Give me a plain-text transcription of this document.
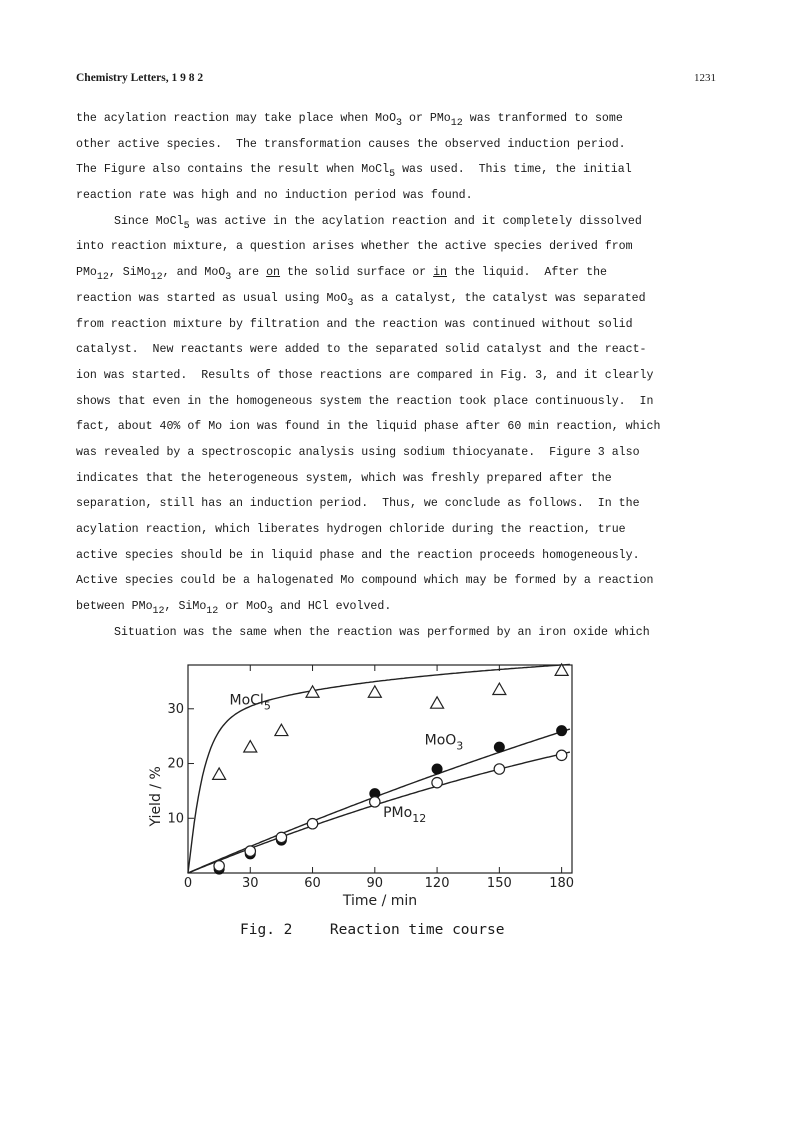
Chemistry Letters, 1 9 8 2	1231
the acylation reaction may take place when MoO$_3$ or PMo$_{12}$ was tranformed to some
other active species.  The transformation causes the observed induction period.
The Figure also contains the result when MoCl$_5$ was used.  This time, the initial
reaction rate was high and no induction period was found.
Since MoCl$_5$ was active in the acylation reaction and it completely dissolved
into reaction mixture, a question arises whether the active species derived from
PMo$_{12}$, SiMo$_{12}$, and MoO$_3$ are on the solid surface or in the liquid.  After the
reaction was started as usual using MoO$_3$ as a catalyst, the catalyst was separated
from reaction mixture by filtration and the reaction was continued without solid
catalyst.  New reactants were added to the separated solid catalyst and the react-
ion was started.  Results of those reactions are compared in Fig. 3, and it clearly
shows that even in the homogeneous system the reaction took place continuously.  In
fact, about 40% of Mo ion was found in the liquid phase after 60 min reaction, which
was revealed by a spectroscopic analysis using sodium thiocyanate.  Figure 3 also
indicates that the heterogeneous system, which was freshly prepared after the
separation, still has an induction period.  Thus, we conclude as follows.  In the
acylation reaction, which liberates hydrogen chloride during the reaction, true
active species should be in liquid phase and the reaction proceeds homogeneously.
Active species could be a halogenated Mo compound which may be formed by a reaction
between PMo$_{12}$, SiMo$_{12}$ or MoO$_3$ and HCl evolved.
Situation was the same when the reaction was performed by an iron oxide which
0	30	60	90	120	150	180
10
20
30
Time / min
Yield / %
MoCl$_5$
MoO$_3$
PMo$_{12}$
Fig. 2	Reaction time course
